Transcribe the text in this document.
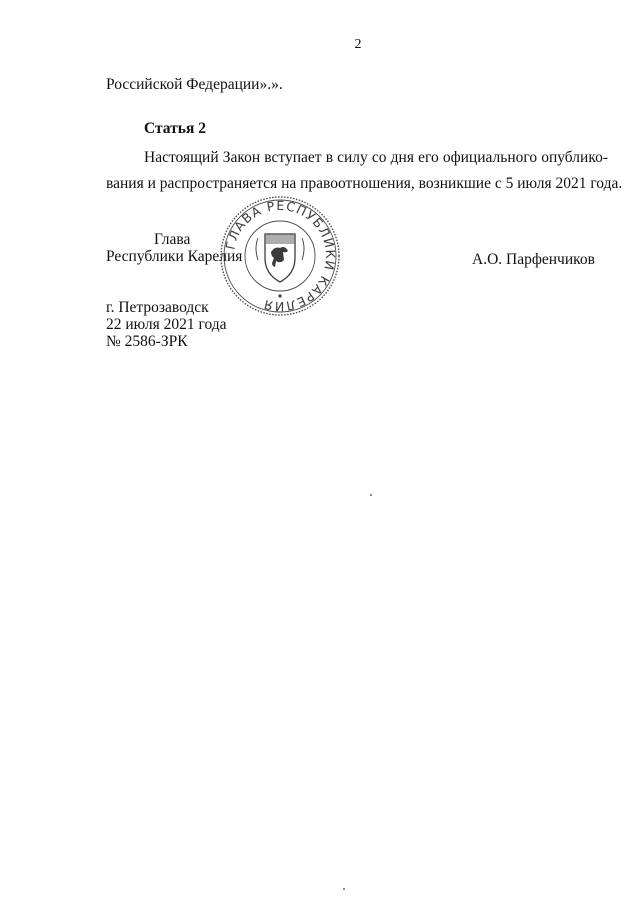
2
Российской Федерации».».
Статья 2
Настоящий Закон вступает в силу со дня его официального опублико-
вания и распространяется на правоотношения, возникшие с 5 июля 2021 года.
ГЛАВА РЕСПУБЛИКИ КАРЕЛИЯ
Глава
Республики Карелия	А.О. Парфенчиков
г. Петрозаводск
22 июля 2021 года
№ 2586-ЗРК
